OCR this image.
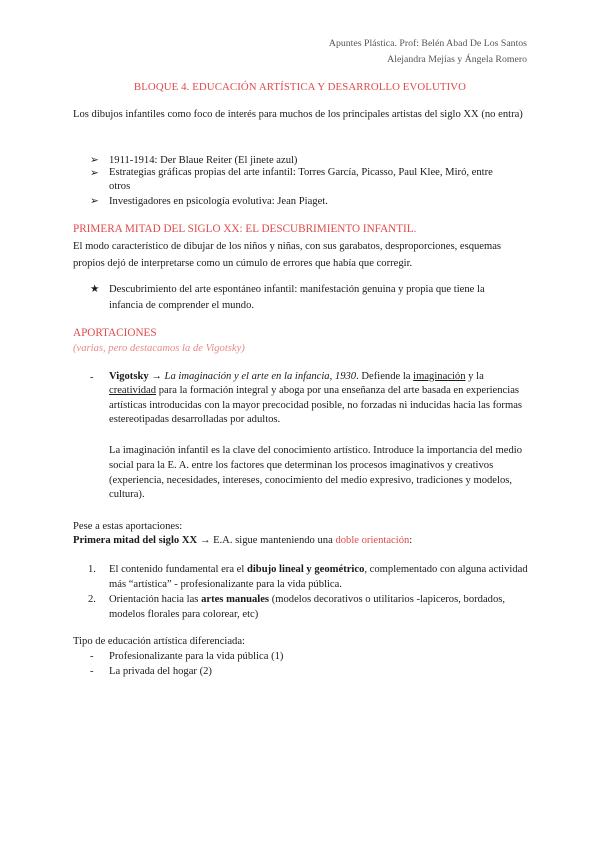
Apuntes Plástica. Prof: Belén Abad De Los Santos
Alejandra Mejías y Ángela Romero
BLOQUE 4. EDUCACIÓN ARTÍSTICA Y DESARROLLO EVOLUTIVO
Los dibujos infantiles como foco de interés para muchos de los principales artistas del siglo XX (no entra)
➢ 1911-1914: Der Blaue Reiter (El jinete azul)
➢ Estrategias gráficas propias del arte infantil: Torres García, Picasso, Paul Klee, Miró, entre otros
➢ Investigadores en psicología evolutiva: Jean Piaget.
PRIMERA MITAD DEL SIGLO XX: EL DESCUBRIMIENTO INFANTIL.
El modo característico de dibujar de los niños y niñas, con sus garabatos, desproporciones, esquemas propios dejó de interpretarse como un cúmulo de errores que había que corregir.
★ Descubrimiento del arte espontáneo infantil: manifestación genuina y propia que tiene la infancia de comprender el mundo.
APORTACIONES
(varias, pero destacamos la de Vigotsky)
- Vigotsky → La imaginación y el arte en la infancia, 1930. Defiende la imaginación y la creatividad para la formación integral y aboga por una enseñanza del arte basada en experiencias artísticas introducidas con la mayor precocidad posible, no forzadas ni inducidas hacia las formas estereotipadas desarrolladas por adultos.
La imaginación infantil es la clave del conocimiento artístico. Introduce la importancia del medio social para la E. A. entre los factores que determinan los procesos imaginativos y creativos (experiencia, necesidades, intereses, conocimiento del medio expresivo, tradiciones y modelos, cultura).
Pese a estas aportaciones:
Primera mitad del siglo XX → E.A. sigue manteniendo una doble orientación:
1. El contenido fundamental era el dibujo lineal y geométrico, complementado con alguna actividad más “artística” - profesionalizante para la vida pública.
2. Orientación hacia las artes manuales (modelos decorativos o utilitarios -lapiceros, bordados, modelos florales para colorear, etc)
Tipo de educación artística diferenciada:
- Profesionalizante para la vida pública (1)
- La privada del hogar (2)
